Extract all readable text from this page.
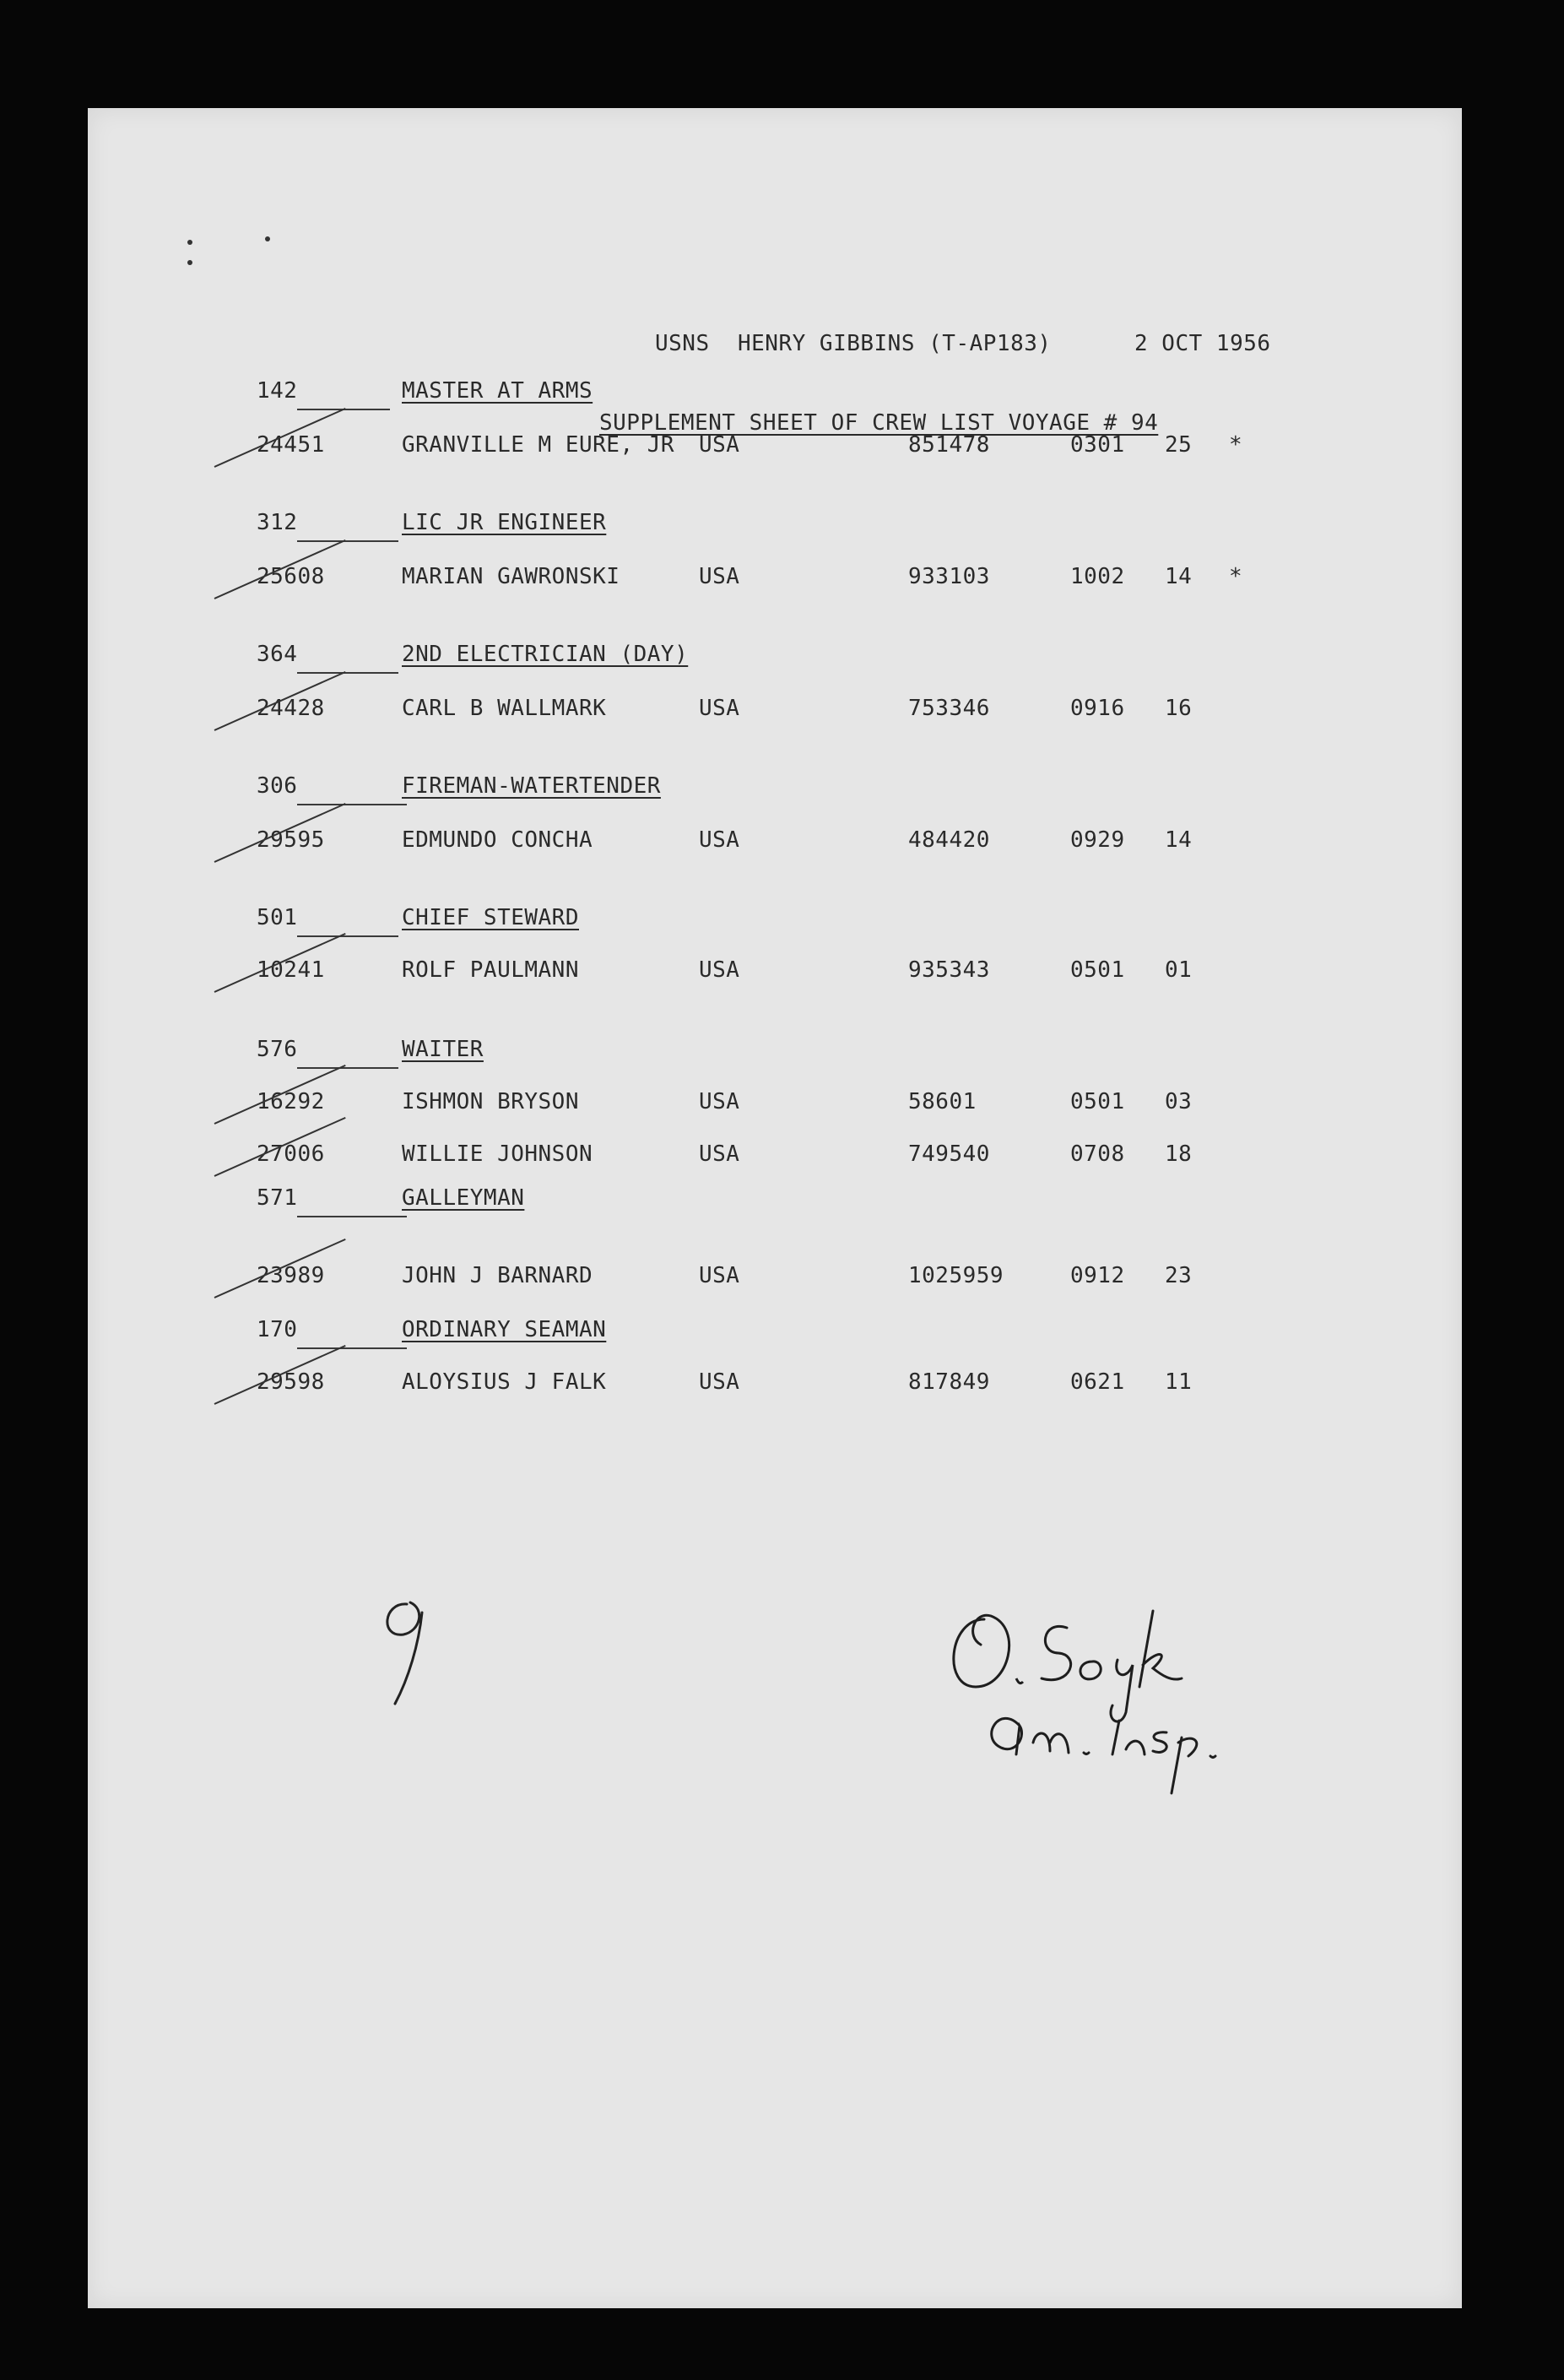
USNS

HENRY GIBBINS (T-AP183)

	2 OCT 1956

SUPPLEMENT SHEET OF CREW LIST VOYAGE # 94
142	MASTER AT ARMS
24451	GRANVILLE M EURE, JR USA	851478	0301 25 *
312	LIC JR ENGINEER
25608	MARIAN GAWRONSKI	USA	933103	1002 14 *
364	2ND ELECTRICIAN (DAY)
24428	CARL B WALLMARK	USA	753346	0916 16
306	FIREMAN-WATERTENDER
29595	EDMUNDO CONCHA	USA	484420	0929 14
501	CHIEF STEWARD
10241	ROLF PAULMANN	USA	935343	0501 01
576	WAITER
16292	ISHMON BRYSON	USA	58601	0501 03
27006	WILLIE JOHNSON	USA	749540	0708 18
571	GALLEYMAN
23989	JOHN J BARNARD	USA	1025959	0912 23
170	ORDINARY SEAMAN
29598	ALOYSIUS J FALK	USA	817849	0621 11
